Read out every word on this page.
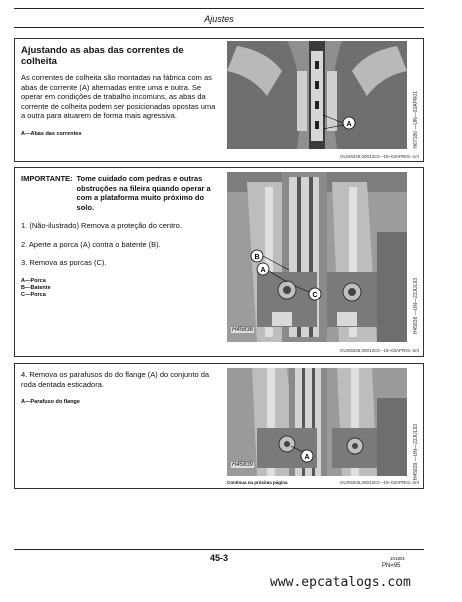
Ajustes
Ajustando as abas das correntes de colheita
As correntes de colheita são montadas na fábrica com as abas de corrente (A) alternadas entre uma e outra. Se operar em condições de trabalho incomuns, as abas da corrente de colheita podem ser posicionadas opostas uma a outra para atuarem de forma mais agressiva.
A—Abas das correntes
A	H67186 —UN—03APR01
OUO6025,00013C0 –19–03APR01–1/4
IMPORTANTE: Tome cuidado com pedras e outras obstruções na fileira quando operar a com a plataforma muito próximo do solo.
1. (Não-ilustrado) Remova a proteção do centro.
2. Aperte a porca (A) contra o batente (B).
3. Remova as porcas (C).
A—Porca
B—Batente
C—Porca
B
A
C
H45838	H45838 —UN—23JUL93
OUO6025,00013C0 –19–03APR01–2/4
4. Remova os parafusos do do flange (A) do conjunto da roda dentada esticadora.
A—Parafuso do flange
A
H45839	H45839 —UN—23JUL93
Continua na próxima página	OUO6025,00013C0 –19–03APR01–3/4
45-3	101801
PN=95
www.epcatalogs.com
